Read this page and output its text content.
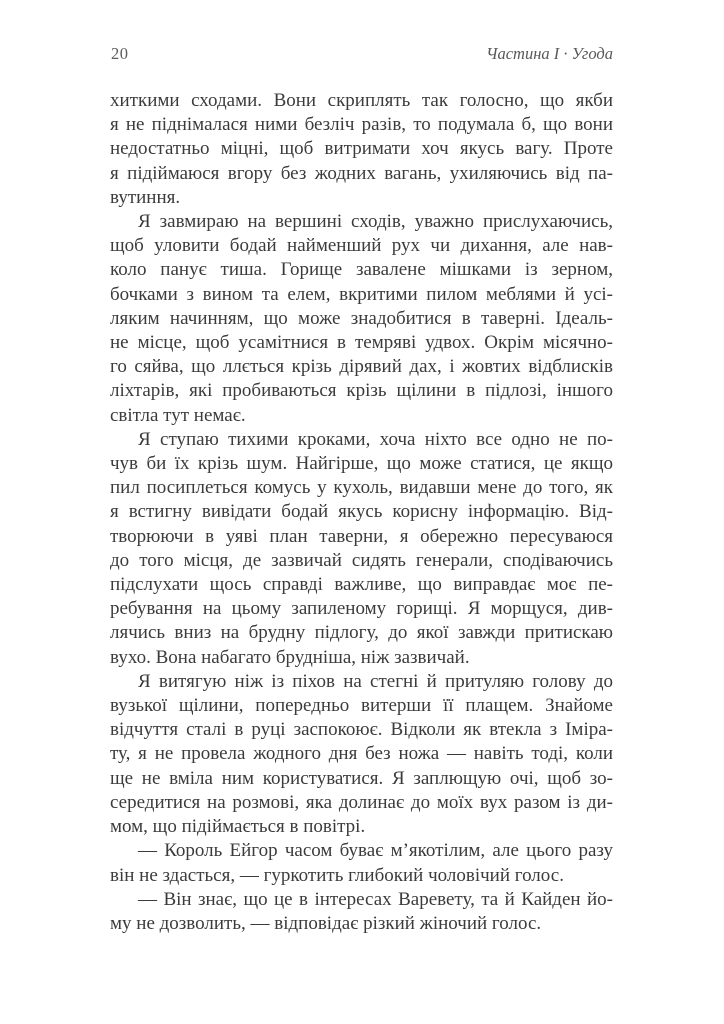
20	Частина І · Угода
хиткими сходами. Вони скриплять так голосно, що якби
я не піднімалася ними безліч разів, то подумала б, що вони
недостатньо міцні, щоб витримати хоч якусь вагу. Проте
я підіймаюся вгору без жодних вагань, ухиляючись від па-
вутиння.
Я завмираю на вершині сходів, уважно прислухаючись,
щоб уловити бодай найменший рух чи дихання, але нав-
коло панує тиша. Горище завалене мішками із зерном,
бочками з вином та елем, вкритими пилом меблями й усі-
ляким начинням, що може знадобитися в таверні. Ідеаль-
не місце, щоб усамітнися в темряві удвох. Окрім місячно-
го сяйва, що ллється крізь дірявий дах, і жовтих відблисків
ліхтарів, які пробиваються крізь щілини в підлозі, іншого
світла тут немає.
Я ступаю тихими кроками, хоча ніхто все одно не по-
чув би їх крізь шум. Найгірше, що може статися, це якщо
пил посиплеться комусь у кухоль, видавши мене до того, як
я встигну вивідати бодай якусь корисну інформацію. Від-
творюючи в уяві план таверни, я обережно пересуваюся
до того місця, де зазвичай сидять генерали, сподіваючись
підслухати щось справді важливе, що виправдає моє пе-
ребування на цьому запиленому горищі. Я морщуся, див-
лячись вниз на брудну підлогу, до якої завжди притискаю
вухо. Вона набагато брудніша, ніж зазвичай.
Я витягую ніж із піхов на стегні й притуляю голову до
вузької щілини, попередньо витерши її плащем. Знайоме
відчуття сталі в руці заспокоює. Відколи як втекла з Іміра-
ту, я не провела жодного дня без ножа — навіть тоді, коли
ще не вміла ним користуватися. Я заплющую очі, щоб зо-
середитися на розмові, яка долинає до моїх вух разом із ди-
мом, що підіймається в повітрі.
— Король Ейгор часом буває м’якотілим, але цього разу
він не здасться, — гуркотить глибокий чоловічий голос.
— Він знає, що це в інтересах Варевету, та й Кайден йо-
му не дозволить, — відповідає різкий жіночий голос.
